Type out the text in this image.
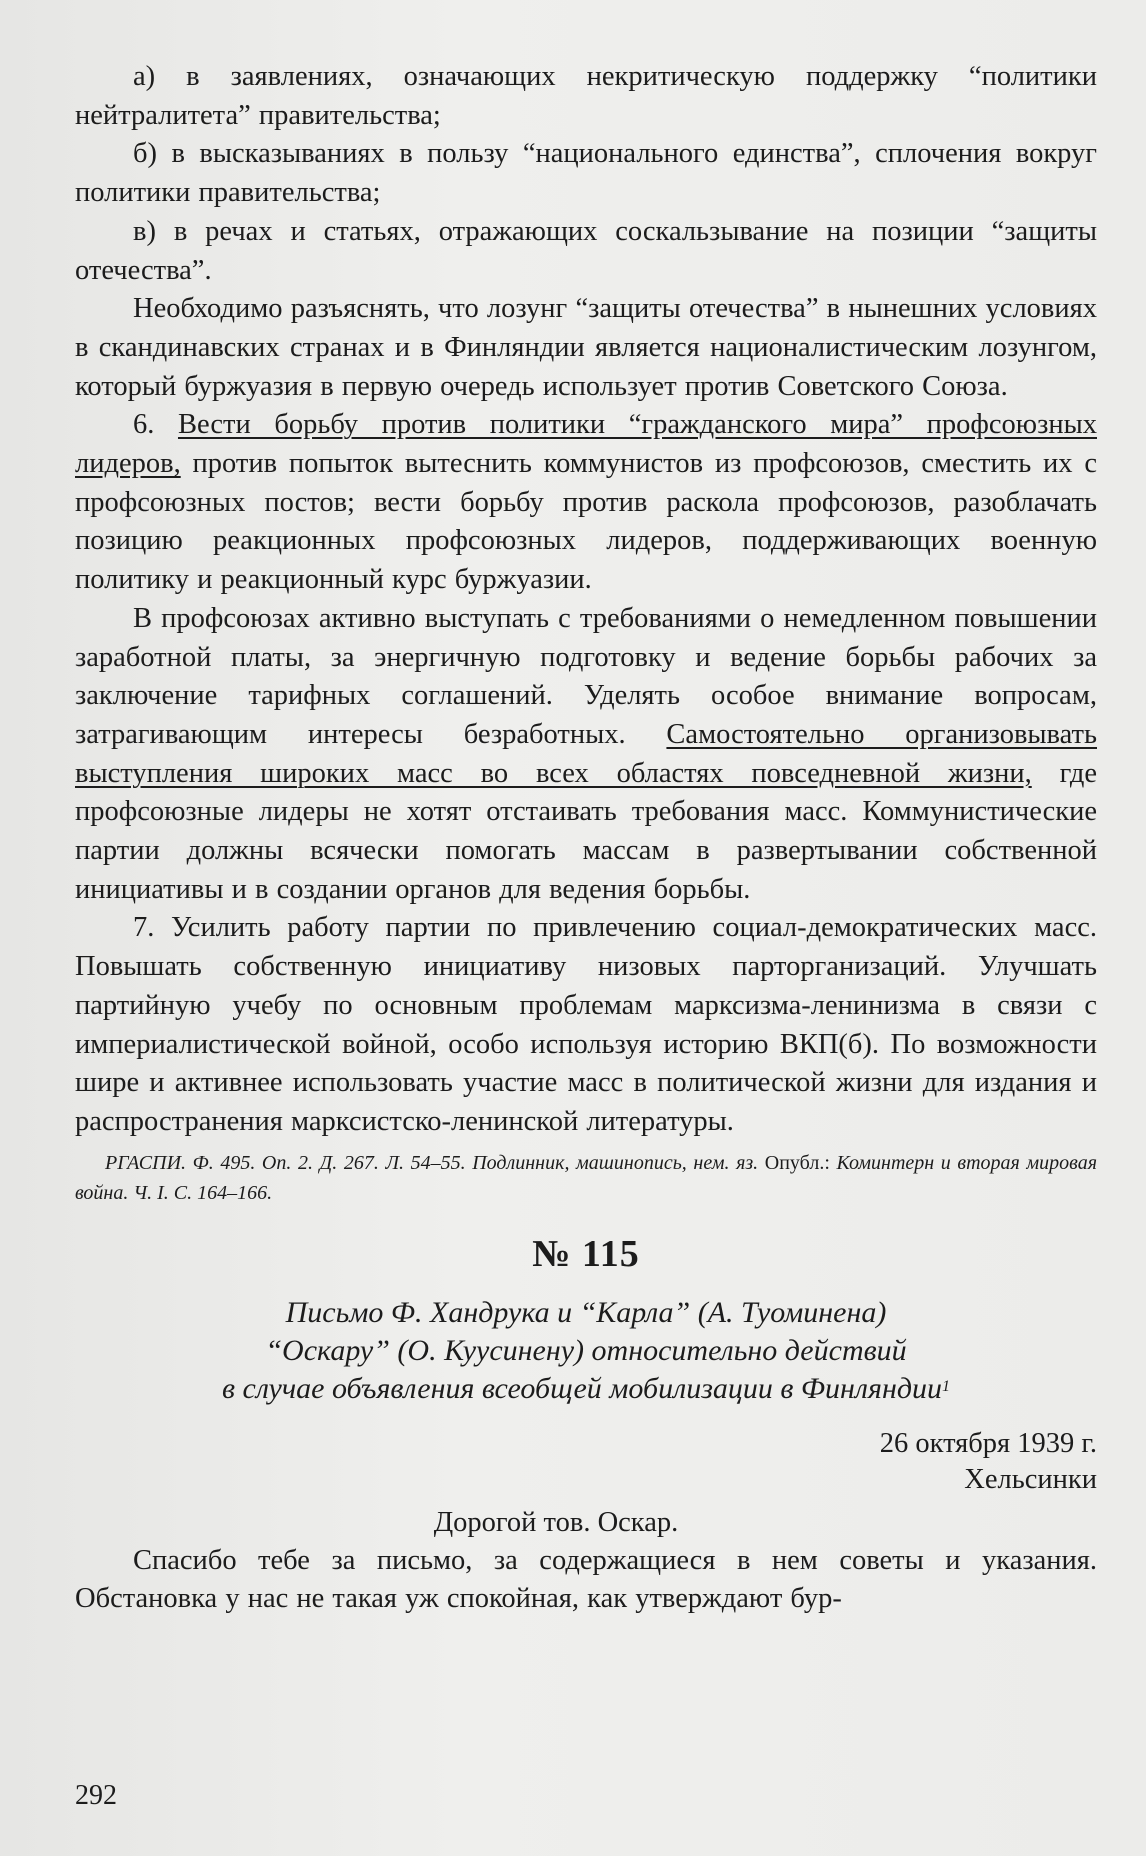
а) в заявлениях, означающих некритическую поддержку “политики нейтралитета” правительства;

б) в высказываниях в пользу “национального единства”, сплочения вокруг политики правительства;

в) в речах и статьях, отражающих соскальзывание на позиции “защиты отечества”.

Необходимо разъяснять, что лозунг “защиты отечества” в нынешних условиях в скандинавских странах и в Финляндии является националистическим лозунгом, который буржуазия в первую очередь использует против Советского Союза.

6. Вести борьбу против политики “гражданского мира” профсоюзных лидеров, против попыток вытеснить коммунистов из профсоюзов, сместить их с профсоюзных постов; вести борьбу против раскола профсоюзов, разоблачать позицию реакционных профсоюзных лидеров, поддерживающих военную политику и реакционный курс буржуазии.

В профсоюзах активно выступать с требованиями о немедленном повышении заработной платы, за энергичную подготовку и ведение борьбы рабочих за заключение тарифных соглашений. Уделять особое внимание вопросам, затрагивающим интересы безработных. Самостоятельно организовывать выступления широких масс во всех областях повседневной жизни, где профсоюзные лидеры не хотят отстаивать требования масс. Коммунистические партии должны всячески помогать массам в развертывании собственной инициативы и в создании органов для ведения борьбы.

7. Усилить работу партии по привлечению социал-демократических масс. Повышать собственную инициативу низовых парторганизаций. Улучшать партийную учебу по основным проблемам марксизма-ленинизма в связи с империалистической войной, особо используя историю ВКП(б). По возможности шире и активнее использовать участие масс в политической жизни для издания и распространения марксистско-ленинской литературы.

РГАСПИ. Ф. 495. Оп. 2. Д. 267. Л. 54–55. Подлинник, машинопись, нем. яз. Опубл.: Коминтерн и вторая мировая война. Ч. I. С. 164–166.

№ 115
Письмо Ф. Хандрука и “Карла” (А. Туоминена)
“Оскару” (О. Куусинену) относительно действий
в случае объявления всеобщей мобилизации в Финляндии$^1$
26 октября 1939 г.
Хельсинки
Дорогой тов. Оскар.

Спасибо тебе за письмо, за содержащиеся в нем советы и указания. Обстановка у нас не такая уж спокойная, как утверждают бур-

292
